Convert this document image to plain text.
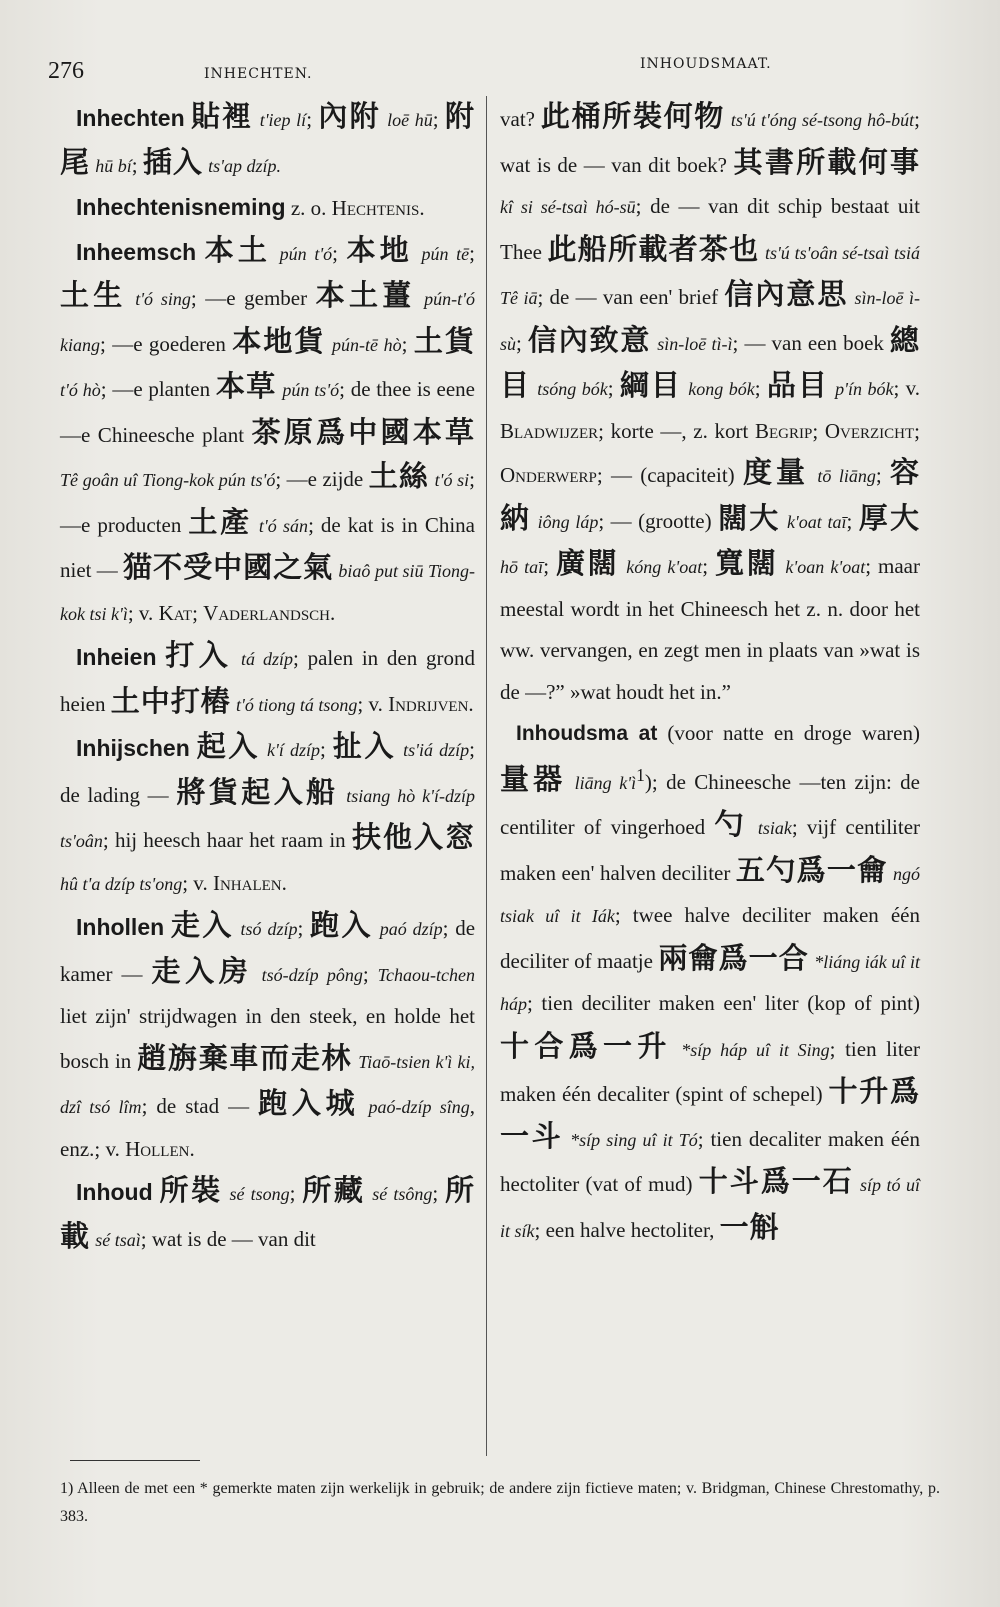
276	INHECHTEN.
INHOUDSMAAT.

Inhechten 貼裡 t'iep lí; 內附 loē hū; 附尾 hū bí; 插入 ts'ap dzíp.

Inhechtenisneming z. o. Hechtenis.

Inheemsch 本土 pún t'ó; 本地 pún tē; 土生 t'ó sing; —e gember 本土薑 pún-t'ó kiang; —e goederen 本地貨 pún-tē hò; 土貨 t'ó hò; —e planten 本草 pún ts'ó; de thee is eene —e Chineesche plant 茶原爲中國本草 Tê goân uî Tiong-kok pún ts'ó; —e zijde 土絲 t'ó si; —e producten 土產 t'ó sán; de kat is in China niet — 猫不受中國之氣 biaô put siū Tiong-kok tsi k'ì; v. Kat; Vaderlandsch.

Inheien 打入 tá dzíp; palen in den grond heien 土中打樁 t'ó tiong tá tsong; v. Indrijven.

Inhijschen 起入 k'í dzíp; 扯入 ts'iá dzíp; de lading — 將貨起入船 tsiang hò k'í-dzíp ts'oân; hij heesch haar het raam in 扶他入窓 hû t'a dzíp ts'ong; v. Inhalen.

Inhollen 走入 tsó dzíp; 跑入 paó dzíp; de kamer — 走入房 tsó-dzíp pông; Tchaou-tchen liet zijn' strijdwagen in den steek, en holde het bosch in 趙旃棄車而走林 Tiaō-tsien k'ì ki, dzî tsó lîm; de stad — 跑入城 paó-dzíp sîng, enz.; v. Hollen.

Inhoud 所裝 sé tsong; 所藏 sé tsông; 所載 sé tsaì; wat is de — van dit

vat? 此桶所裝何物 ts'ú t'óng sé-tsong hô-bút; wat is de — van dit boek? 其書所載何事 kî si sé-tsaì hó-sū; de — van dit schip bestaat uit Thee 此船所載者茶也 ts'ú ts'oân sé-tsaì tsiá Tê iā; de — van een' brief 信內意思 sìn-loē ì-sù; 信內致意 sìn-loē tì-ì; — van een boek 總目 tsóng bók; 綱目 kong bók; 品目 p'ín bók; v. Bladwijzer; korte —, z. kort Begrip; Overzicht; Onderwerp; — (capaciteit) 度量 tō liāng; 容納 iông láp; — (grootte) 闊大 k'oat taī; 厚大 hō taī; 廣闊 kóng k'oat; 寬闊 k'oan k'oat; maar meestal wordt in het Chineesch het z. n. door het ww. vervangen, en zegt men in plaats van »wat is de —?” »wat houdt het in.”

Inhoudsma at (voor natte en droge waren) 量器 liāng $k'ì^1$); de Chineesche —ten zijn: de centiliter of vingerhoed 勺 tsiak; vijf centiliter maken een' halven deciliter 五勺爲一龠 ngó tsiak uî it Iák; twee halve deciliter maken één deciliter of maatje 兩龠爲一合 *liáng iák uî it háp; tien deciliter maken een' liter (kop of pint) 十合爲一升 *síp háp uî it Sing; tien liter maken één decaliter (spint of schepel) 十升爲一斗 *síp sing uî it Tó; tien decaliter maken één hectoliter (vat of mud) 十斗爲一石 síp tó uî it sík; een halve hectoliter, 一斛

1) Alleen de met een * gemerkte maten zijn werkelijk in gebruik; de andere zijn fictieve maten; v. Bridgman, Chinese Chrestomathy, p. 383.
